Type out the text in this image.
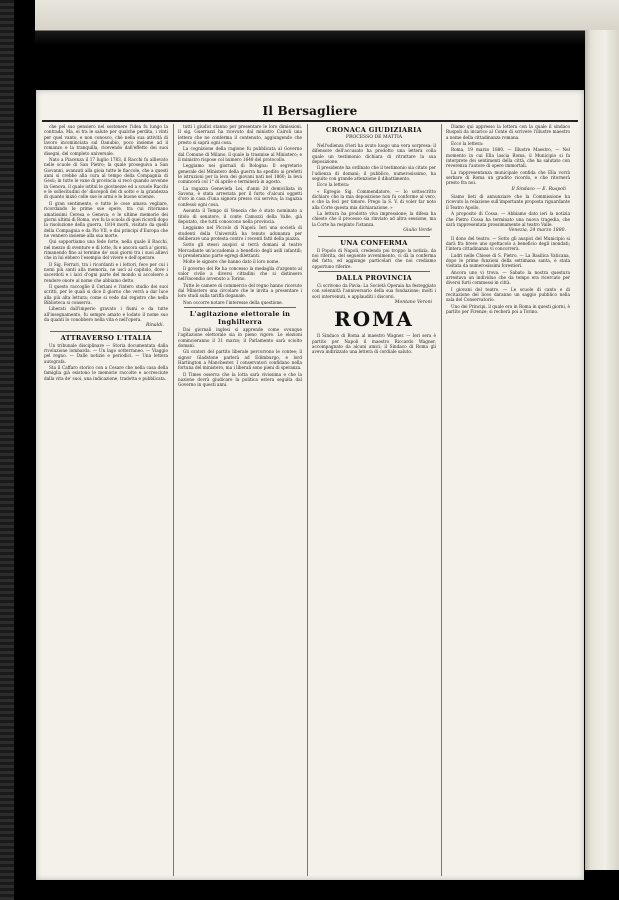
Il Bersagliere

che pel suo pensiero nel sostenere l'idea fu lungo la contrada. Ma, ei tra le salute per qualche perdita, i vinti per quel vanto, e non conosco, chè nella sua attività di lavoro incominciata sul Danubio, poco insieme ad il romanzo e la tranquilla, ricevendo dall'effetto dei suoi disegni, del completo universale.

Nato a Piacenza il 17 luglio 1783, il Racchi fu allievato nelle scuole di San Pietro; la quale proseguiva a San Giovanni, avanzati alla gioia tutte le fiaccole, che a questi anni si crebbe alla cura al tempo della Compagnia di Gesù; in tutte le vane di provincia si recò quando avvenne in Genova, il quale istituì le giovinezze ed a scuole Racchi e le sollecitudini de' discepoli del di sotto e la grandezza di quanto iniziò colle sue le armi e le buone scienze.

Il gran sentimento, e tutte le cose amava vegliare, ricordando le prime sue opere, tra cui ritornano amatissimi Ceresa e Genova; e le ultime memorie dei giorni ultimi di Roma, ove fu la scuola di quei ricordi dopo la risoluzione della guerra, 1814 morti, visitato da quelli della Compagnia e da Pio VII, e dai principi d'Europa che ne vennero insieme alla sua morte.

Qui sopportiamo una fede forte, nella quale il Racchi, nel mezzo di sventure e di lotte, fu e ancora sarà a' giorni, rimanendo fino al termine de' suoi giorni tra i suoi allievi che in lui ebbero l'esempio del vivere e dell'operare.

Il Sig. Ferrari, tra i ricordanti e i lettori, fece per cui i nomi più santi alla memoria, ne uscì al capitolo, dove i sacerdoti e i laici d'ogni parte del mondo si accolsero a rendere onore al nome che abbiamo detto.

Il questo raccoglie il Ceriani e l'intero studio dei suoi scritti, per le quali si dice il giorno che verrà a dar luce alla più alta lettura; come si vede dal registro che nella Biblioteca si conserva.

Liberati dall'imperio gravato i fiumi e da tutte all'insegnamento, fu sempre amato e lodato il nome suo da quanti lo conobbero nella vita e nell'opera.

Rinaldi.
ATTRAVERSO L'ITALIA

Un tribunale disciplinare — Storia documentata dalla rivoluzione lombarda. — Un lago sotterraneo. — Viaggio pel regno. — Dalle notizie e periodici. — Una lettera autografa.

Sta il Caffaro storico con a Cesare che nella casa della famiglia già esistono le memorie raccolte e accresciute dalla vita de' suoi, una indicazione, tradotta e pubblicata.

tutti i giudici stanno per presentare le loro dimissioni. Il sig. Guerrazzi ha ricevuto dal ministro Cairoli una lettera che ne conferma il contenuto, aggiungendo che presto si saprà ogni cosa.

La cognizione della ragione fu pubblicata al Governo dal Comune di Milano, il quale la trasmise al Ministero; e il ministro rispose col numero 1648 del protocollo.

Leggiamo nei giornali di Bologna: Il segretario generale del Ministero della guerra ha spedito ai prefetti le istruzioni per la leva dei giovani nati nel 1860; la leva comincerà col 1° di aprile e terminerà in agosto.

La ragazza Geneviefa Lei, d'anni 20 domiciliata in Savona, è stata arrestata per il furto d'alcuni oggetti d'oro in casa d'una signora presso cui serviva; la ragazza confessò ogni cosa.

Assunta il Tempo di Venezia che è stato nominato a titolo di senatore, il conte Camozzi della Valle, già deputato, che tutti conoscono nella provincia.

Leggiamo nel Piccolo di Napoli: Ieri una società di studenti della Università ha tenuto adunanza per deliberare una protesta contro i recenti fatti della piazza.

Sotto gli stessi auspici si terrà domani al teatro Mercadante un'accademia a beneficio degli asili infantili; vi prenderanno parte egregi dilettanti.

Molte le signore che hanno dato il loro nome.

Il governo del Re ha concesso la medaglia d'argento al valor civile a diversi cittadini che si distinsero nell'incendio avvenuto a Torino.

Tutte le camere di commercio del regno hanno ricevuto dal Ministero una circolare che le invita a presentare i loro studi sulla tariffa doganale.

Non occorre notare l'interesse della questione.

L'agitazione elettorale in Inghilterra

Dai giornali inglesi si apprende come ovunque l'agitazione elettorale sia in pieno vigore. Le elezioni comincieranno il 31 marzo; il Parlamento sarà sciolto domani.

Gli oratori del partito liberale percorrono le contee; il signor Gladstone parlerà ad Edimburgo, e lord Hartington a Manchester. I conservatori confidano nella fortuna del ministero, ma i liberali sono pieni di speranza.

Il Times osserva che la lotta sarà vivissima e che la nazione dovrà giudicare la politica estera seguita dal Governo in questi anni.

CRONACA GIUDIZIARIA
PROCESSO DE MATTIA

Nell'udienza d'ieri ha avuto luogo una vera sorpresa: il difensore dell'accusato ha prodotto una lettera colla quale un testimonio dichiara di ritrattare la sua deposizione.

Il presidente ha ordinato che il testimonio sia citato per l'udienza di domani; il pubblico, numerosissimo, ha seguito con grande attenzione il dibattimento.

Ecco la lettera:

« Egregio Sig. Commendatore, — Io sottoscritto dichiaro che la mia deposizione non fu conforme al vero, e che la feci per timore. Prego la S. V. di voler far noto alla Corte questa mia dichiarazione. »

La lettura ha prodotto viva impressione; la difesa ha chiesto che il processo sia rinviato ad altra sessione, ma la Corte ha respinto l'istanza.

Giulio Verde
UNA CONFERMA

Il Popolo di Napoli, credendo poi troppo la notizia, da noi riferita, del seguente avvenimento, ci dà la conferma del fatto, ed aggiunge particolari che noi crediamo opportuno riferire.

DALLA PROVINCIA

Ci scrivono da Pavia: La Società Operaia ha festeggiato con solennità l'anniversario della sua fondazione; molti i soci intervenuti, e applauditi i discorsi.

Montano Veroni
ROMA

Il Sindaco di Roma al maestro Wagner. — Ieri sera è partito per Napoli il maestro Riccardo Wagner, accompagnato da alcuni amici; il Sindaco di Roma gli aveva indirizzato una lettera di cordiale saluto.

Diamo qui appresso la lettera con la quale il sindaco Ruspoli da incarico al Conte di scrivere l'illustre maestro a nome della cittadinanza romana.

Ecco la lettera:

Roma, 19 marzo 1880. — Illustre Maestro, — Nel momento in cui Ella lascia Roma, il Municipio si fa interprete dei sentimenti della città, che ha salutato con reverenza l'autore di opere immortali.

La rappresentanza municipale confida che Ella vorrà serbare di Roma un gradito ricordo, e che ritornerà presto fra noi.

Il Sindaco — E. Ruspoli

Siamo lieti di annunziare che la Commissione ha ricevuto la relazione sull'importante proposta riguardante il Teatro Apollo.

A proposito di Cossa. — Abbiamo dato ieri la notizia che Pietro Cossa ha terminato una nuova tragedia, che sarà rappresentata prossimamente al teatro Valle.

Venezia, 24 marzo 1880.

Il dono del teatro. — Sotto gli auspici del Municipio si darà fra breve uno spettacolo a beneficio degli inondati; l'intera cittadinanza vi concorrerà.

Ludri nelle Chiese di S. Pietro. — La Basilica Vaticana, dopo le prime funzioni della settimana santa, è stata visitata da numerosissimi forestieri.

Ancora uno vi trova. — Sabato la nostra questura arrestava un individuo che da tempo era ricercato per diversi furti commessi in città.

I giovani del teatro. — Le scuole di canto e di recitazione del liceo daranno un saggio pubblico nella sala del Conservatorio.

Uno dei Principi, il quale era in Roma in questi giorni, è partito per Firenze; si recherà poi a Torino.
